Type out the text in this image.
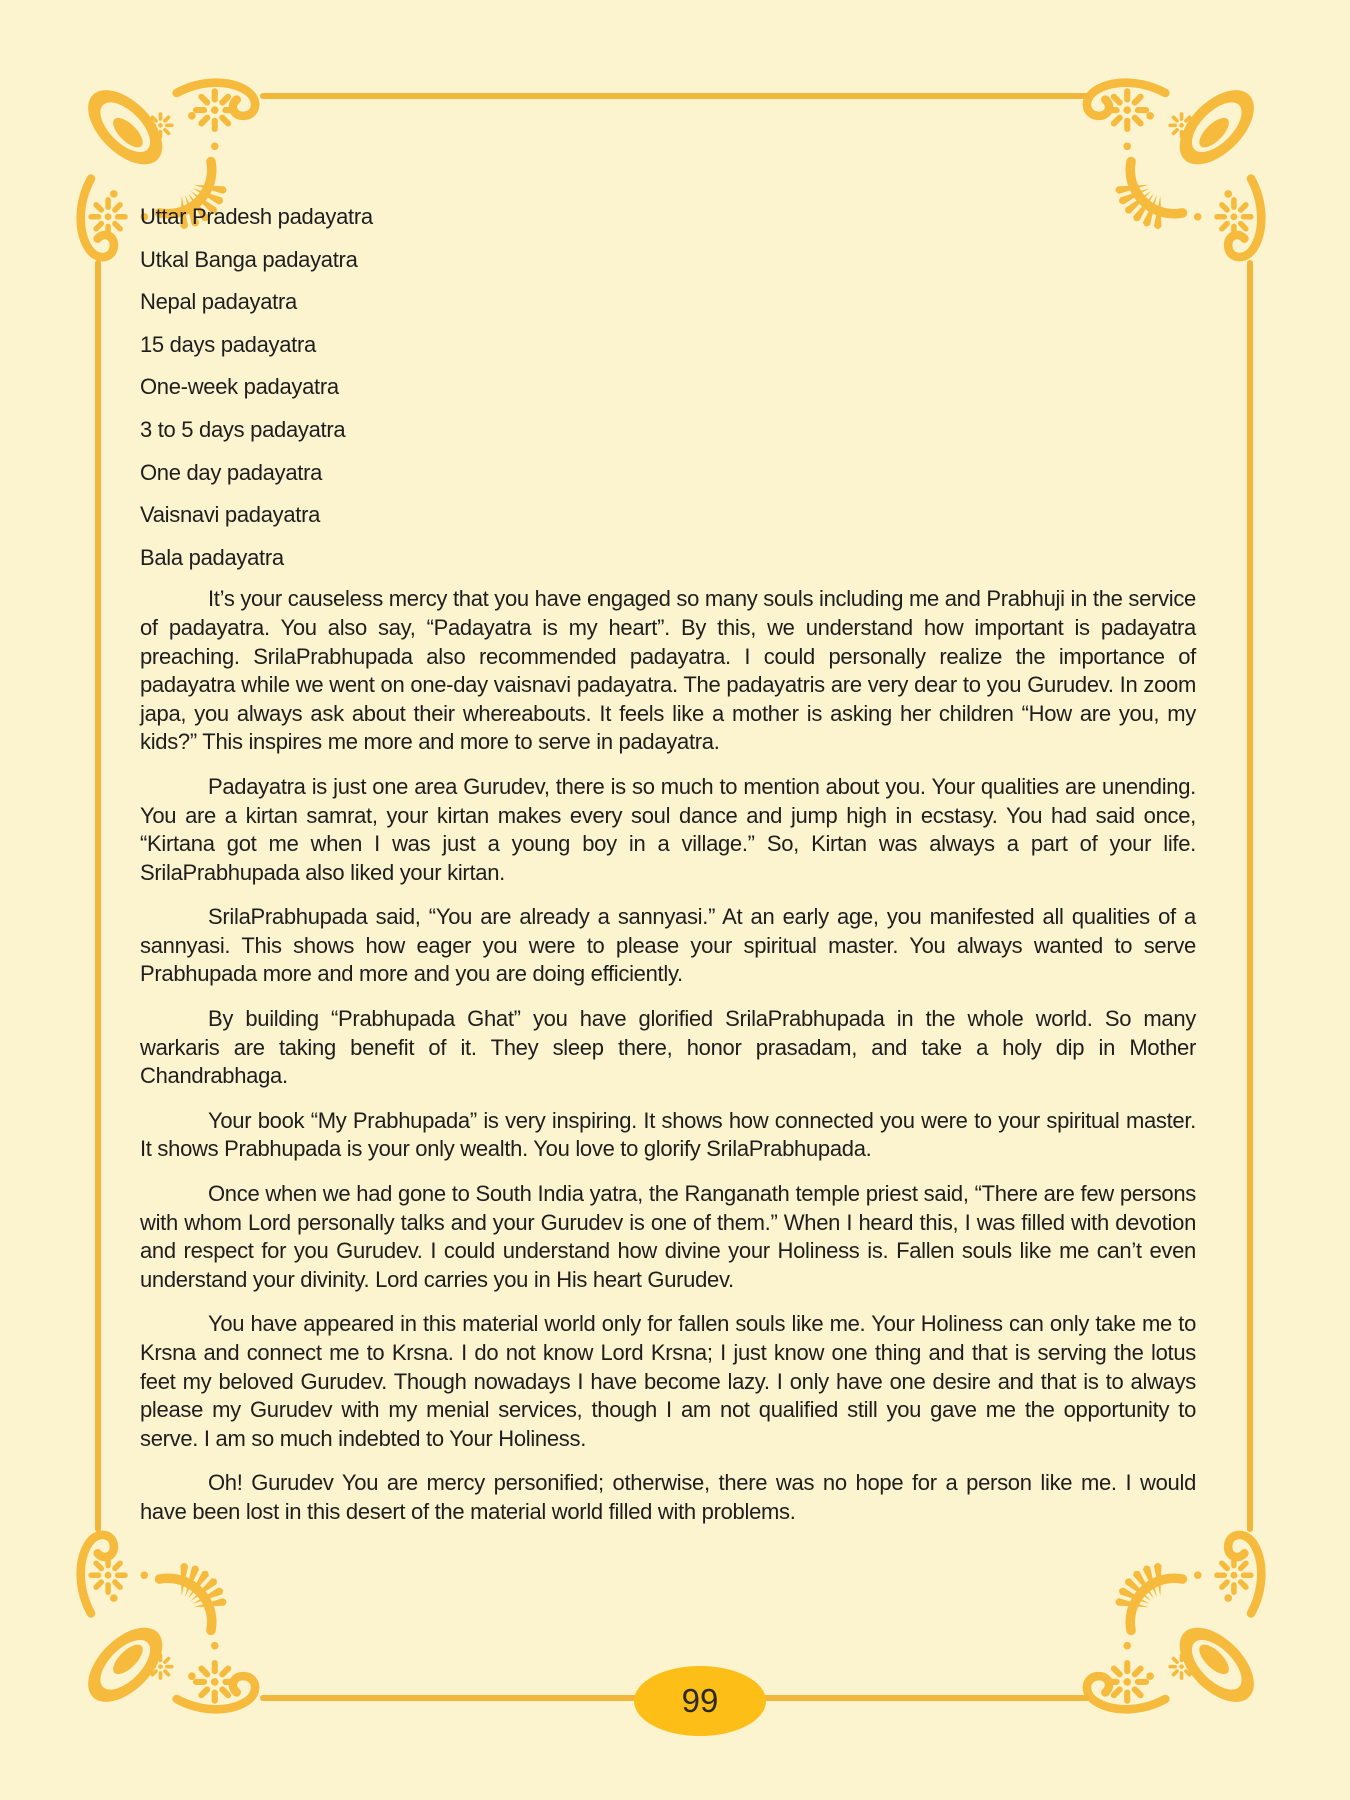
Uttar Pradesh padayatra
Utkal Banga padayatra
Nepal padayatra
15 days padayatra
One-week padayatra
3 to 5 days padayatra
One day padayatra
Vaisnavi padayatra
Bala padayatra

It’s your causeless mercy that you have engaged so many souls including me and Prabhuji in the service of padayatra. You also say, “Padayatra is my heart”. By this, we understand how important is padayatra preaching. SrilaPrabhupada also recommended padayatra. I could personally realize the importance of padayatra while we went on one-day vaisnavi padayatra. The padayatris are very dear to you Gurudev. In zoom japa, you always ask about their whereabouts. It feels like a mother is asking her children “How are you, my kids?” This inspires me more and more to serve in padayatra.

Padayatra is just one area Gurudev, there is so much to mention about you. Your qualities are unending. You are a kirtan samrat, your kirtan makes every soul dance and jump high in ecstasy. You had said once, “Kirtana got me when I was just a young boy in a village.” So, Kirtan was always a part of your life. SrilaPrabhupada also liked your kirtan.

SrilaPrabhupada said, “You are already a sannyasi.” At an early age, you manifested all qualities of a sannyasi. This shows how eager you were to please your spiritual master. You always wanted to serve Prabhupada more and more and you are doing efficiently.

By building “Prabhupada Ghat” you have glorified SrilaPrabhupada in the whole world. So many warkaris are taking benefit of it. They sleep there, honor prasadam, and take a holy dip in Mother Chandrabhaga.

Your book “My Prabhupada” is very inspiring. It shows how connected you were to your spiritual master. It shows Prabhupada is your only wealth. You love to glorify SrilaPrabhupada.

Once when we had gone to South India yatra, the Ranganath temple priest said, “There are few persons with whom Lord personally talks and your Gurudev is one of them.” When I heard this, I was filled with devotion and respect for you Gurudev. I could understand how divine your Holiness is. Fallen souls like me can’t even understand your divinity. Lord carries you in His heart Gurudev.

You have appeared in this material world only for fallen souls like me. Your Holiness can only take me to Krsna and connect me to Krsna. I do not know Lord Krsna; I just know one thing and that is serving the lotus feet my beloved Gurudev. Though nowadays I have become lazy. I only have one desire and that is to always please my Gurudev with my menial services, though I am not qualified still you gave me the opportunity to serve. I am so much indebted to Your Holiness.

Oh! Gurudev You are mercy personified; otherwise, there was no hope for a person like me. I would have been lost in this desert of the material world filled with problems.

99
